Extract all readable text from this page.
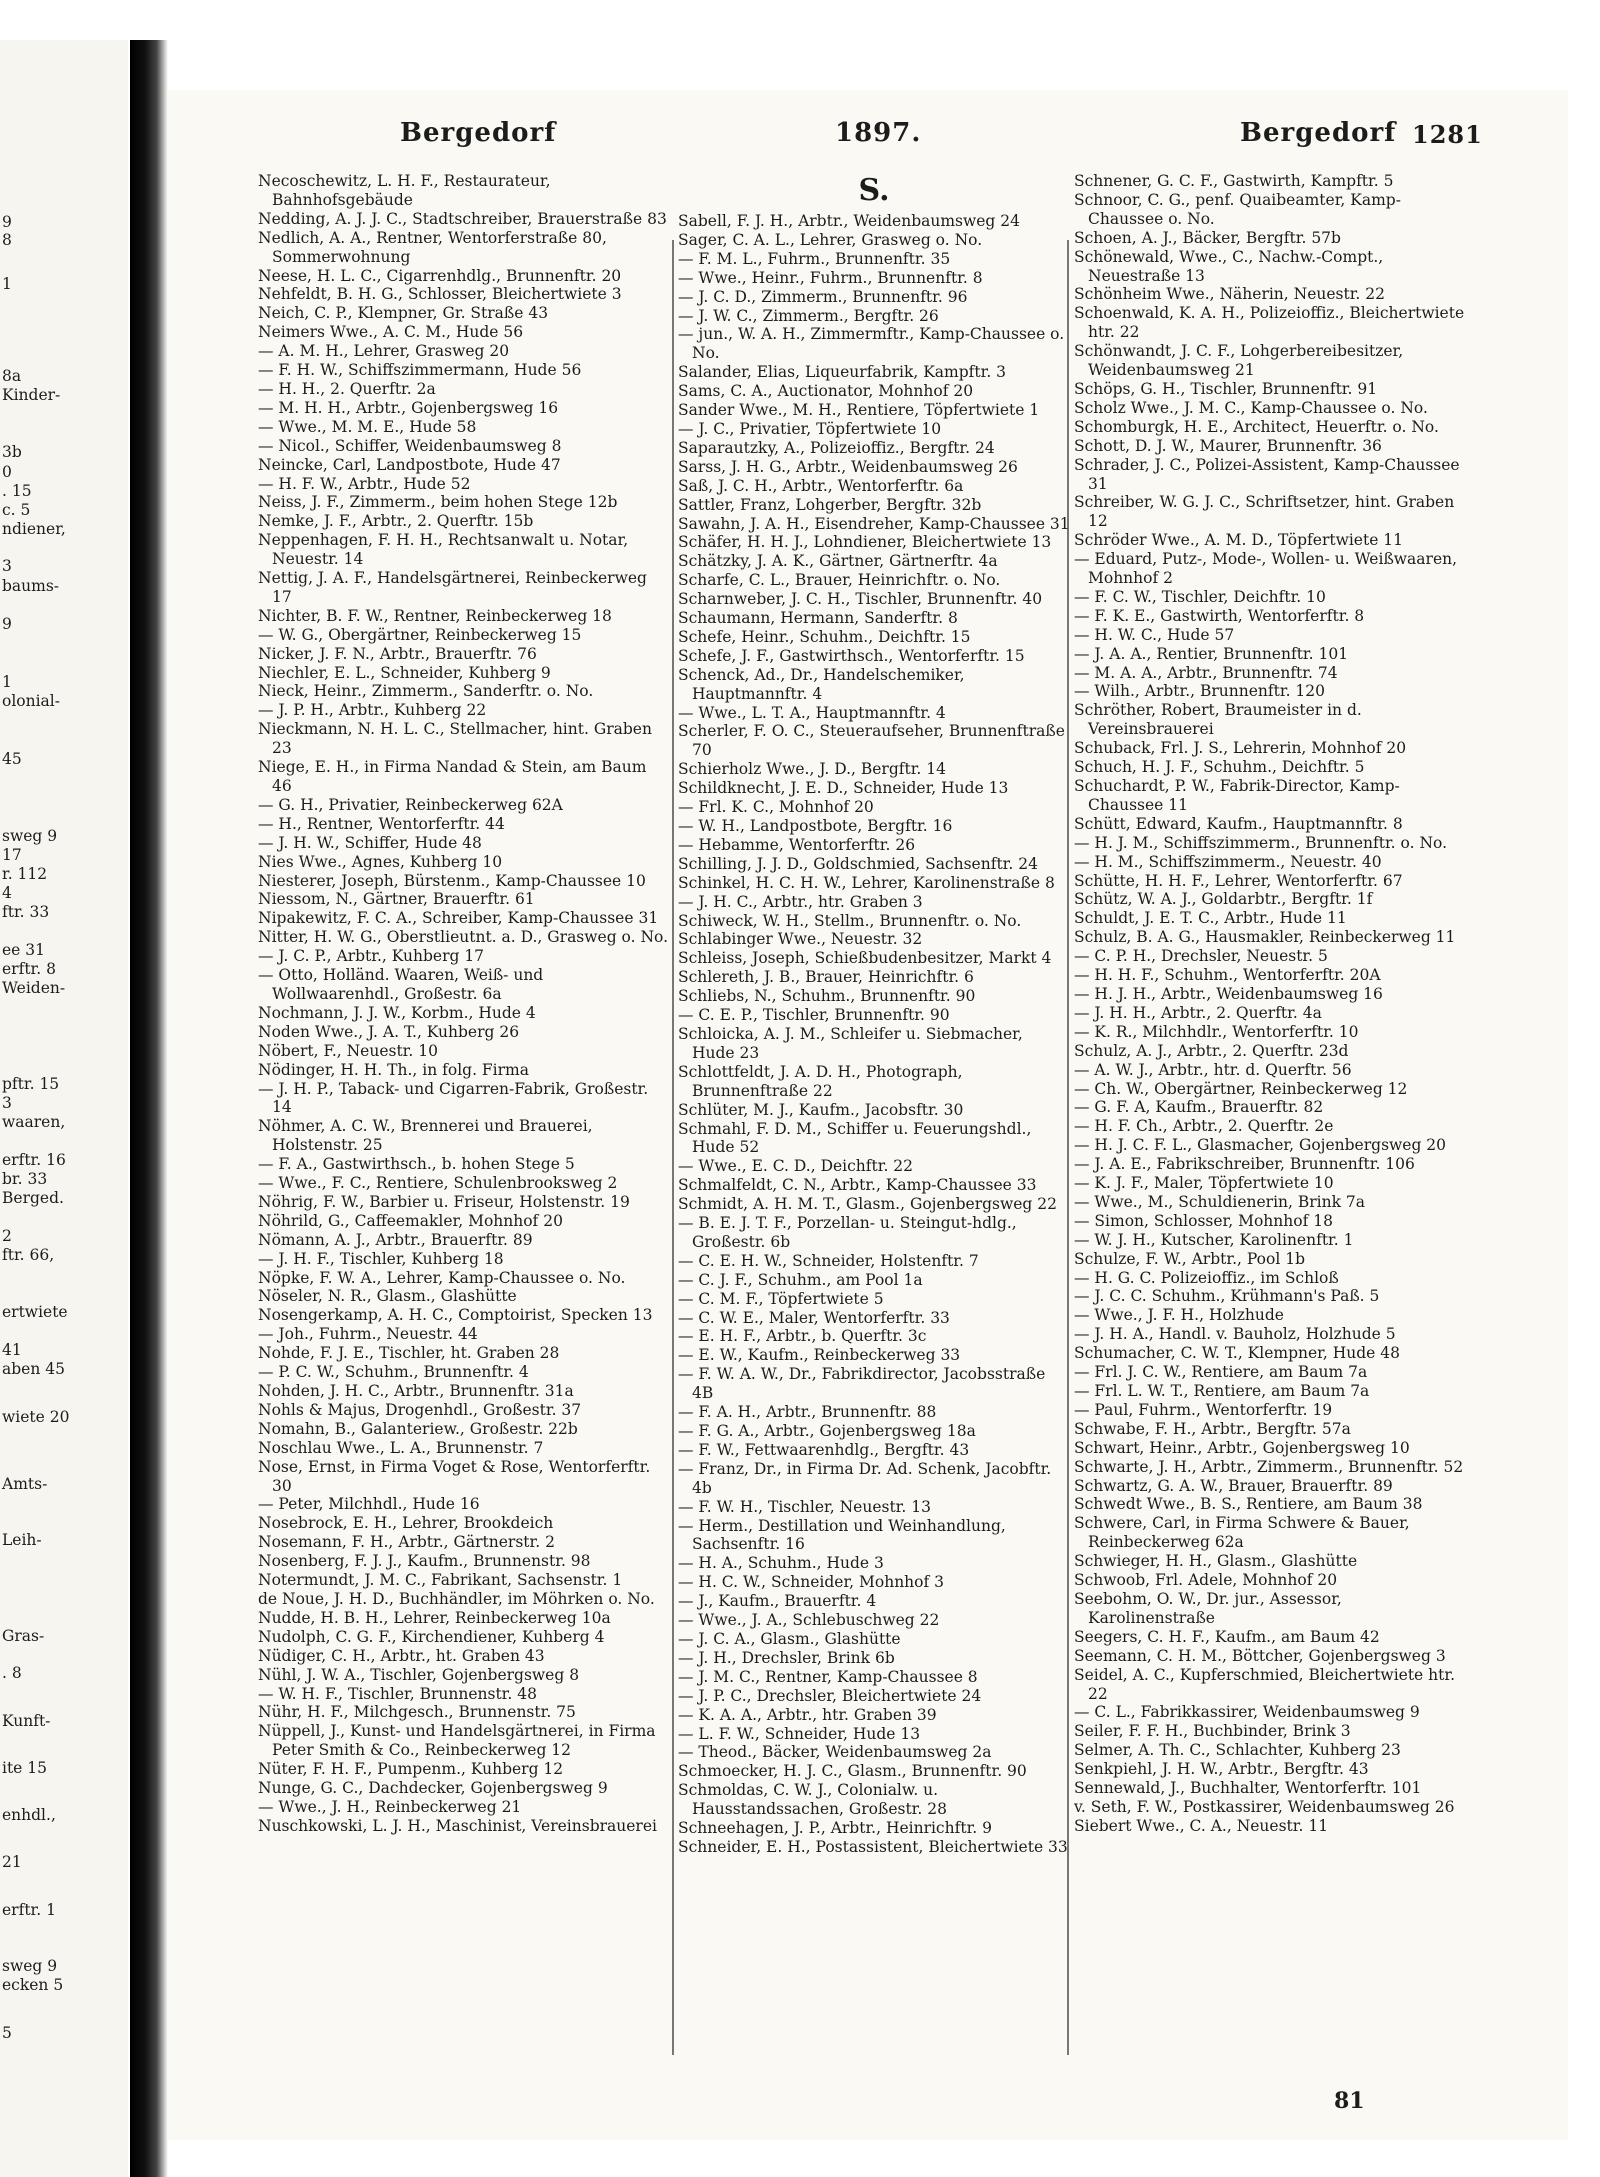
9
8
1
8a
Kinder-
3b
0
. 15
c. 5
ndiener,
3
baums-
9
1
olonial-
45
sweg 9
17
r. 112
4
ftr. 33
ee 31
erftr. 8
Weiden-
pftr. 15
3
waaren,
erftr. 16
br. 33
Berged.
2
ftr. 66,
ertwiete
41
aben 45
wiete 20
Amts-
Leih-
Gras-
. 8
Kunft-
ite 15
enhdl.,
21
erftr. 1
sweg 9
ecken 5
5
Bergedorf	1897.	Bergedorf 1281
Necoschewitz, L. H. F., Restaurateur, Bahnhofsgebäude
Nedding, A. J. J. C., Stadtschreiber, Brauerstraße 83
Nedlich, A. A., Rentner, Wentorferstraße 80, Sommerwohnung
Neese, H. L. C., Cigarrenhdlg., Brunnenftr. 20
Nehfeldt, B. H. G., Schlosser, Bleichertwiete 3
Neich, C. P., Klempner, Gr. Straße 43
Neimers Wwe., A. C. M., Hude 56
— A. M. H., Lehrer, Grasweg 20
— F. H. W., Schiffszimmermann, Hude 56
— H. H., 2. Querftr. 2a
— M. H. H., Arbtr., Gojenbergsweg 16
— Wwe., M. M. E., Hude 58
— Nicol., Schiffer, Weidenbaumsweg 8
Neincke, Carl, Landpostbote, Hude 47
— H. F. W., Arbtr., Hude 52
Neiss, J. F., Zimmerm., beim hohen Stege 12b
Nemke, J. F., Arbtr., 2. Querftr. 15b
Neppenhagen, F. H. H., Rechtsanwalt u. Notar, Neuestr. 14
Nettig, J. A. F., Handelsgärtnerei, Reinbeckerweg 17
Nichter, B. F. W., Rentner, Reinbeckerweg 18
— W. G., Obergärtner, Reinbeckerweg 15
Nicker, J. F. N., Arbtr., Brauerftr. 76
Niechler, E. L., Schneider, Kuhberg 9
Nieck, Heinr., Zimmerm., Sanderftr. o. No.
— J. P. H., Arbtr., Kuhberg 22
Nieckmann, N. H. L. C., Stellmacher, hint. Graben 23
Niege, E. H., in Firma Nandad & Stein, am Baum 46
— G. H., Privatier, Reinbeckerweg 62A
— H., Rentner, Wentorferftr. 44
— J. H. W., Schiffer, Hude 48
Nies Wwe., Agnes, Kuhberg 10
Niesterer, Joseph, Bürstenm., Kamp-Chaussee 10
Niessom, N., Gärtner, Brauerftr. 61
Nipakewitz, F. C. A., Schreiber, Kamp-Chaussee 31
Nitter, H. W. G., Oberstlieutnt. a. D., Grasweg o. No.
— J. C. P., Arbtr., Kuhberg 17
— Otto, Holländ. Waaren, Weiß- und Wollwaarenhdl., Großestr. 6a
Nochmann, J. J. W., Korbm., Hude 4
Noden Wwe., J. A. T., Kuhberg 26
Nöbert, F., Neuestr. 10
Nödinger, H. H. Th., in folg. Firma
— J. H. P., Taback- und Cigarren-Fabrik, Großestr. 14
Nöhmer, A. C. W., Brennerei und Brauerei, Holstenstr. 25
— F. A., Gastwirthsch., b. hohen Stege 5
— Wwe., F. C., Rentiere, Schulenbrooksweg 2
Nöhrig, F. W., Barbier u. Friseur, Holstenstr. 19
Nöhrild, G., Caffeemakler, Mohnhof 20
Nömann, A. J., Arbtr., Brauerftr. 89
— J. H. F., Tischler, Kuhberg 18
Nöpke, F. W. A., Lehrer, Kamp-Chaussee o. No.
Nöseler, N. R., Glasm., Glashütte
Nosengerkamp, A. H. C., Comptoirist, Specken 13
— Joh., Fuhrm., Neuestr. 44
Nohde, F. J. E., Tischler, ht. Graben 28
— P. C. W., Schuhm., Brunnenftr. 4
Nohden, J. H. C., Arbtr., Brunnenftr. 31a
Nohls & Majus, Drogenhdl., Großestr. 37
Nomahn, B., Galanteriew., Großestr. 22b
Noschlau Wwe., L. A., Brunnenstr. 7
Nose, Ernst, in Firma Voget & Rose, Wentorferftr. 30
— Peter, Milchhdl., Hude 16
Nosebrock, E. H., Lehrer, Brookdeich
Nosemann, F. H., Arbtr., Gärtnerstr. 2
Nosenberg, F. J. J., Kaufm., Brunnenstr. 98
Notermundt, J. M. C., Fabrikant, Sachsenstr. 1
de Noue, J. H. D., Buchhändler, im Möhrken o. No.
Nudde, H. B. H., Lehrer, Reinbeckerweg 10a
Nudolph, C. G. F., Kirchendiener, Kuhberg 4
Nüdiger, C. H., Arbtr., ht. Graben 43
Nühl, J. W. A., Tischler, Gojenbergsweg 8
— W. H. F., Tischler, Brunnenstr. 48
Nühr, H. F., Milchgesch., Brunnenstr. 75
Nüppell, J., Kunst- und Handelsgärtnerei, in Firma Peter Smith & Co., Reinbeckerweg 12
Nüter, F. H. F., Pumpenm., Kuhberg 12
Nunge, G. C., Dachdecker, Gojenbergsweg 9
— Wwe., J. H., Reinbeckerweg 21
Nuschkowski, L. J. H., Maschinist, Vereinsbrauerei
S.
Sabell, F. J. H., Arbtr., Weidenbaumsweg 24
Sager, C. A. L., Lehrer, Grasweg o. No.
— F. M. L., Fuhrm., Brunnenftr. 35
— Wwe., Heinr., Fuhrm., Brunnenftr. 8
— J. C. D., Zimmerm., Brunnenftr. 96
— J. W. C., Zimmerm., Bergftr. 26
— jun., W. A. H., Zimmermftr., Kamp-Chaussee o. No.
Salander, Elias, Liqueurfabrik, Kampftr. 3
Sams, C. A., Auctionator, Mohnhof 20
Sander Wwe., M. H., Rentiere, Töpfertwiete 1
— J. C., Privatier, Töpfertwiete 10
Saparautzky, A., Polizeioffiz., Bergftr. 24
Sarss, J. H. G., Arbtr., Weidenbaumsweg 26
Saß, J. C. H., Arbtr., Wentorferftr. 6a
Sattler, Franz, Lohgerber, Bergftr. 32b
Sawahn, J. A. H., Eisendreher, Kamp-Chaussee 31
Schäfer, H. H. J., Lohndiener, Bleichertwiete 13
Schätzky, J. A. K., Gärtner, Gärtnerftr. 4a
Scharfe, C. L., Brauer, Heinrichftr. o. No.
Scharnweber, J. C. H., Tischler, Brunnenftr. 40
Schaumann, Hermann, Sanderftr. 8
Schefe, Heinr., Schuhm., Deichftr. 15
Schefe, J. F., Gastwirthsch., Wentorferftr. 15
Schenck, Ad., Dr., Handelschemiker, Hauptmannftr. 4
— Wwe., L. T. A., Hauptmannftr. 4
Scherler, F. O. C., Steueraufseher, Brunnenftraße 70
Schierholz Wwe., J. D., Bergftr. 14
Schildknecht, J. E. D., Schneider, Hude 13
— Frl. K. C., Mohnhof 20
— W. H., Landpostbote, Bergftr. 16
— Hebamme, Wentorferftr. 26
Schilling, J. J. D., Goldschmied, Sachsenftr. 24
Schinkel, H. C. H. W., Lehrer, Karolinenstraße 8
— J. H. C., Arbtr., htr. Graben 3
Schiweck, W. H., Stellm., Brunnenftr. o. No.
Schlabinger Wwe., Neuestr. 32
Schleiss, Joseph, Schießbudenbesitzer, Markt 4
Schlereth, J. B., Brauer, Heinrichftr. 6
Schliebs, N., Schuhm., Brunnenftr. 90
— C. E. P., Tischler, Brunnenftr. 90
Schloicka, A. J. M., Schleifer u. Siebmacher, Hude 23
Schlottfeldt, J. A. D. H., Photograph, Brunnenftraße 22
Schlüter, M. J., Kaufm., Jacobsftr. 30
Schmahl, F. D. M., Schiffer u. Feuerungshdl., Hude 52
— Wwe., E. C. D., Deichftr. 22
Schmalfeldt, C. N., Arbtr., Kamp-Chaussee 33
Schmidt, A. H. M. T., Glasm., Gojenbergsweg 22
— B. E. J. T. F., Porzellan- u. Steingut-hdlg., Großestr. 6b
— C. E. H. W., Schneider, Holstenftr. 7
— C. J. F., Schuhm., am Pool 1a
— C. M. F., Töpfertwiete 5
— C. W. E., Maler, Wentorferftr. 33
— E. H. F., Arbtr., b. Querftr. 3c
— E. W., Kaufm., Reinbeckerweg 33
— F. W. A. W., Dr., Fabrikdirector, Jacobsstraße 4B
— F. A. H., Arbtr., Brunnenftr. 88
— F. G. A., Arbtr., Gojenbergsweg 18a
— F. W., Fettwaarenhdlg., Bergftr. 43
— Franz, Dr., in Firma Dr. Ad. Schenk, Jacobftr. 4b
— F. W. H., Tischler, Neuestr. 13
— Herm., Destillation und Weinhandlung, Sachsenftr. 16
— H. A., Schuhm., Hude 3
— H. C. W., Schneider, Mohnhof 3
— J., Kaufm., Brauerftr. 4
— Wwe., J. A., Schlebuschweg 22
— J. C. A., Glasm., Glashütte
— J. H., Drechsler, Brink 6b
— J. M. C., Rentner, Kamp-Chaussee 8
— J. P. C., Drechsler, Bleichertwiete 24
— K. A. A., Arbtr., htr. Graben 39
— L. F. W., Schneider, Hude 13
— Theod., Bäcker, Weidenbaumsweg 2a
Schmoecker, H. J. C., Glasm., Brunnenftr. 90
Schmoldas, C. W. J., Colonialw. u. Hausstandssachen, Großestr. 28
Schneehagen, J. P., Arbtr., Heinrichftr. 9
Schneider, E. H., Postassistent, Bleichertwiete 33
Schnener, G. C. F., Gastwirth, Kampftr. 5
Schnoor, C. G., penf. Quaibeamter, Kamp-Chaussee o. No.
Schoen, A. J., Bäcker, Bergftr. 57b
Schönewald, Wwe., C., Nachw.-Compt., Neuestraße 13
Schönheim Wwe., Näherin, Neuestr. 22
Schoenwald, K. A. H., Polizeioffiz., Bleichertwiete htr. 22
Schönwandt, J. C. F., Lohgerbereibesitzer, Weidenbaumsweg 21
Schöps, G. H., Tischler, Brunnenftr. 91
Scholz Wwe., J. M. C., Kamp-Chaussee o. No.
Schomburgk, H. E., Architect, Heuerftr. o. No.
Schott, D. J. W., Maurer, Brunnenftr. 36
Schrader, J. C., Polizei-Assistent, Kamp-Chaussee 31
Schreiber, W. G. J. C., Schriftsetzer, hint. Graben 12
Schröder Wwe., A. M. D., Töpfertwiete 11
— Eduard, Putz-, Mode-, Wollen- u. Weißwaaren, Mohnhof 2
— F. C. W., Tischler, Deichftr. 10
— F. K. E., Gastwirth, Wentorferftr. 8
— H. W. C., Hude 57
— J. A. A., Rentier, Brunnenftr. 101
— M. A. A., Arbtr., Brunnenftr. 74
— Wilh., Arbtr., Brunnenftr. 120
Schröther, Robert, Braumeister in d. Vereinsbrauerei
Schuback, Frl. J. S., Lehrerin, Mohnhof 20
Schuch, H. J. F., Schuhm., Deichftr. 5
Schuchardt, P. W., Fabrik-Director, Kamp-Chaussee 11
Schütt, Edward, Kaufm., Hauptmannftr. 8
— H. J. M., Schiffszimmerm., Brunnenftr. o. No.
— H. M., Schiffszimmerm., Neuestr. 40
Schütte, H. H. F., Lehrer, Wentorferftr. 67
Schütz, W. A. J., Goldarbtr., Bergftr. 1f
Schuldt, J. E. T. C., Arbtr., Hude 11
Schulz, B. A. G., Hausmakler, Reinbeckerweg 11
— C. P. H., Drechsler, Neuestr. 5
— H. H. F., Schuhm., Wentorferftr. 20A
— H. J. H., Arbtr., Weidenbaumsweg 16
— J. H. H., Arbtr., 2. Querftr. 4a
— K. R., Milchhdlr., Wentorferftr. 10
Schulz, A. J., Arbtr., 2. Querftr. 23d
— A. W. J., Arbtr., htr. d. Querftr. 56
— Ch. W., Obergärtner, Reinbeckerweg 12
— G. F. A, Kaufm., Brauerftr. 82
— H. F. Ch., Arbtr., 2. Querftr. 2e
— H. J. C. F. L., Glasmacher, Gojenbergsweg 20
— J. A. E., Fabrikschreiber, Brunnenftr. 106
— K. J. F., Maler, Töpfertwiete 10
— Wwe., M., Schuldienerin, Brink 7a
— Simon, Schlosser, Mohnhof 18
— W. J. H., Kutscher, Karolinenftr. 1
Schulze, F. W., Arbtr., Pool 1b
— H. G. C. Polizeioffiz., im Schloß
— J. C. C. Schuhm., Krühmann's Paß. 5
— Wwe., J. F. H., Holzhude
— J. H. A., Handl. v. Bauholz, Holzhude 5
Schumacher, C. W. T., Klempner, Hude 48
— Frl. J. C. W., Rentiere, am Baum 7a
— Frl. L. W. T., Rentiere, am Baum 7a
— Paul, Fuhrm., Wentorferftr. 19
Schwabe, F. H., Arbtr., Bergftr. 57a
Schwart, Heinr., Arbtr., Gojenbergsweg 10
Schwarte, J. H., Arbtr., Zimmerm., Brunnenftr. 52
Schwartz, G. A. W., Brauer, Brauerftr. 89
Schwedt Wwe., B. S., Rentiere, am Baum 38
Schwere, Carl, in Firma Schwere & Bauer, Reinbeckerweg 62a
Schwieger, H. H., Glasm., Glashütte
Schwoob, Frl. Adele, Mohnhof 20
Seebohm, O. W., Dr. jur., Assessor, Karolinenstraße
Seegers, C. H. F., Kaufm., am Baum 42
Seemann, C. H. M., Böttcher, Gojenbergsweg 3
Seidel, A. C., Kupferschmied, Bleichertwiete htr. 22
— C. L., Fabrikkassirer, Weidenbaumsweg 9
Seiler, F. F. H., Buchbinder, Brink 3
Selmer, A. Th. C., Schlachter, Kuhberg 23
Senkpiehl, J. H. W., Arbtr., Bergftr. 43
Sennewald, J., Buchhalter, Wentorferftr. 101
v. Seth, F. W., Postkassirer, Weidenbaumsweg 26
Siebert Wwe., C. A., Neuestr. 11
81
